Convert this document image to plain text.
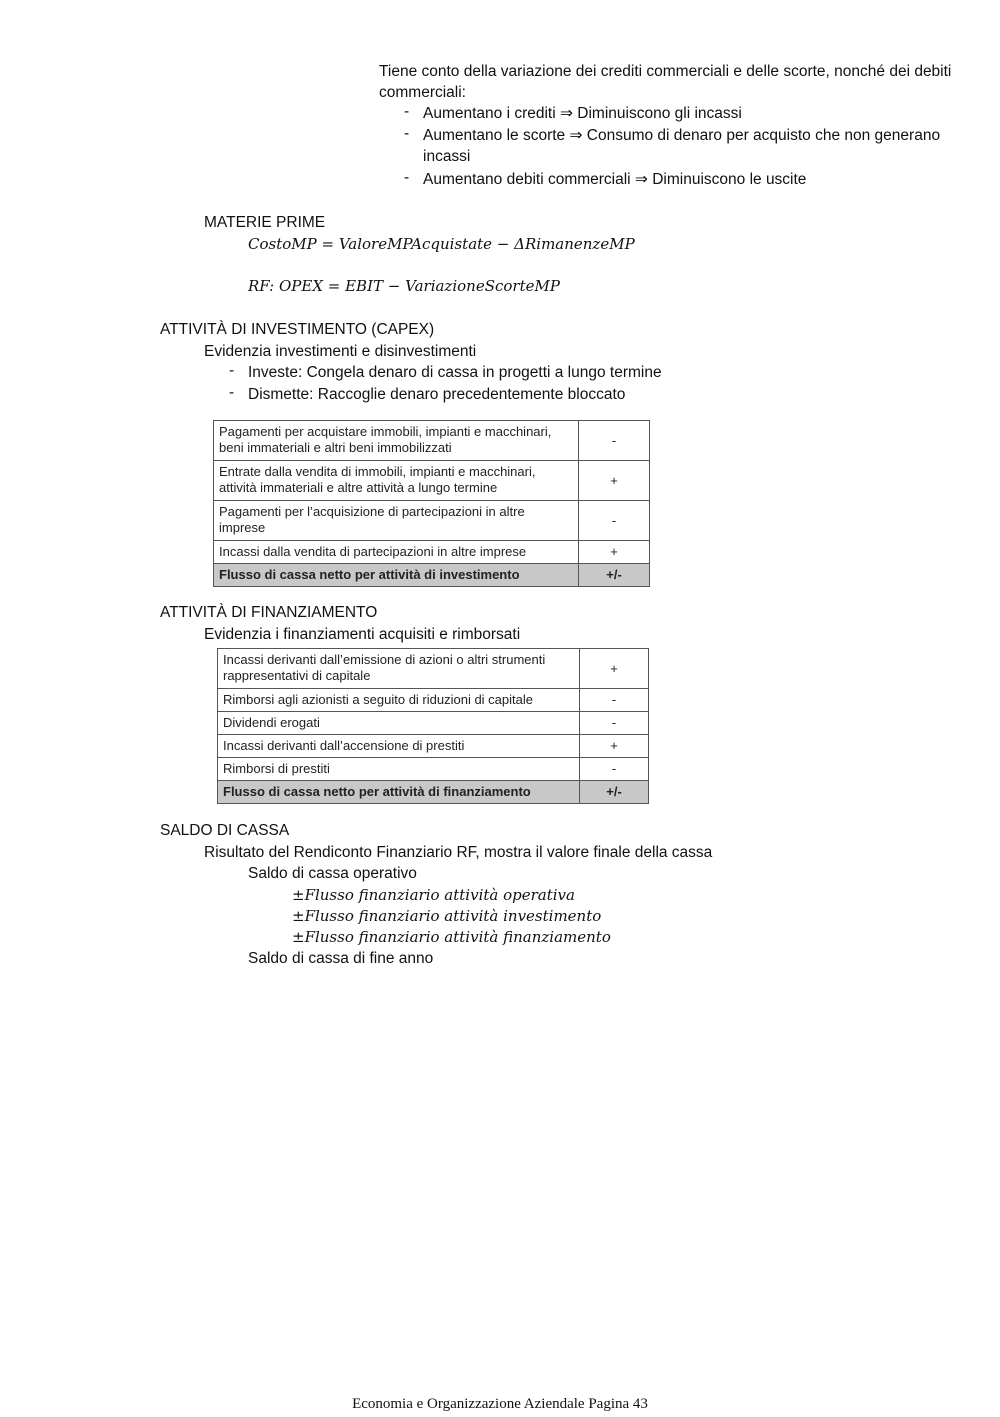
Tiene conto della variazione dei crediti commerciali e delle scorte, nonché dei debiti commerciali:
- Aumentano i crediti ⇒ Diminuiscono gli incassi
- Aumentano le scorte ⇒ Consumo di denaro per acquisto che non generano incassi
- Aumentano debiti commerciali ⇒ Diminuiscono le uscite
MATERIE PRIME
CostoMP = ValoreMPAcquistate − ΔRimanenzeMP
RF: OPEX = EBIT − VariazioneScorteMP
ATTIVITÀ DI INVESTIMENTO (CAPEX)
Evidenzia investimenti e disinvestimenti
- Investe: Congela denaro di cassa in progetti a lungo termine
- Dismette: Raccoglie denaro precedentemente bloccato
Pagamenti per acquistare immobili, impianti e macchinari, beni immateriali e altri beni immobilizzati	-
Entrate dalla vendita di immobili, impianti e macchinari, attività immateriali e altre attività a lungo termine	+
Pagamenti per l’acquisizione di partecipazioni in altre imprese	-
Incassi dalla vendita di partecipazioni in altre imprese	+
Flusso di cassa netto per attività di investimento	+/-
ATTIVITÀ DI FINANZIAMENTO
Evidenzia i finanziamenti acquisiti e rimborsati
Incassi derivanti dall’emissione di azioni o altri strumenti rappresentativi di capitale	+
Rimborsi agli azionisti a seguito di riduzioni di capitale	-
Dividendi erogati	-
Incassi derivanti dall’accensione di prestiti	+
Rimborsi di prestiti	-
Flusso di cassa netto per attività di finanziamento	+/-
SALDO DI CASSA
Risultato del Rendiconto Finanziario RF, mostra il valore finale della cassa
Saldo di cassa operativo
±Flusso finanziario attività operativa
±Flusso finanziario attività investimento
±Flusso finanziario attività finanziamento
Saldo di cassa di fine anno
Economia e Organizzazione Aziendale Pagina 43
